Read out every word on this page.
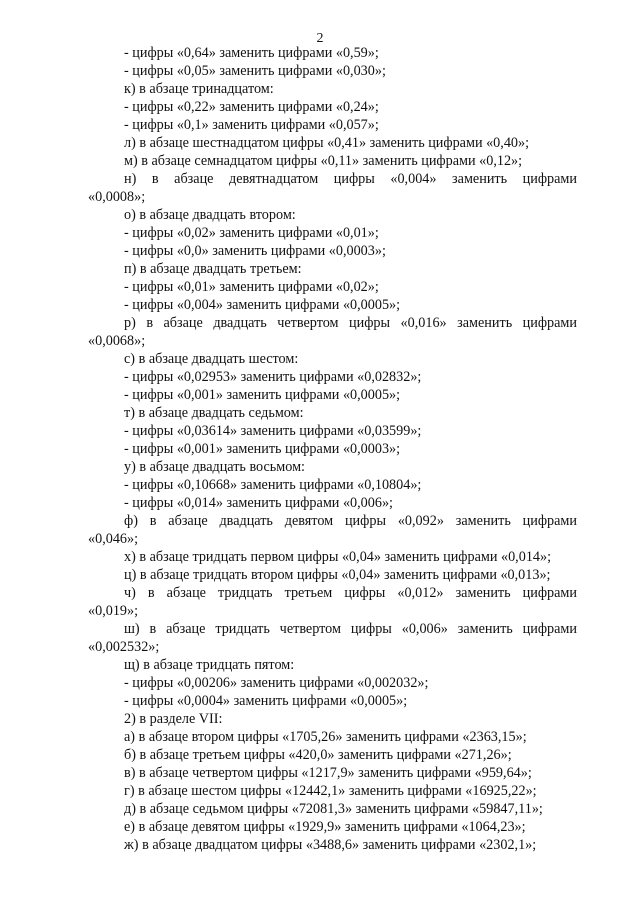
2
- цифры «0,64» заменить цифрами «0,59»;
- цифры «0,05» заменить цифрами «0,030»;
к) в абзаце тринадцатом:
- цифры «0,22» заменить цифрами «0,24»;
- цифры «0,1» заменить цифрами «0,057»;
л) в абзаце шестнадцатом цифры «0,41» заменить цифрами «0,40»;
м) в абзаце семнадцатом цифры «0,11» заменить цифрами «0,12»;
н) в абзаце девятнадцатом цифры «0,004» заменить цифрами
«0,0008»;
о) в абзаце двадцать втором:
- цифры «0,02» заменить цифрами «0,01»;
- цифры «0,0» заменить цифрами «0,0003»;
п) в абзаце двадцать третьем:
- цифры «0,01» заменить цифрами «0,02»;
- цифры «0,004» заменить цифрами «0,0005»;
р) в абзаце двадцать четвертом цифры «0,016» заменить цифрами
«0,0068»;
с) в абзаце двадцать шестом:
- цифры «0,02953» заменить цифрами «0,02832»;
- цифры «0,001» заменить цифрами «0,0005»;
т) в абзаце двадцать седьмом:
- цифры «0,03614» заменить цифрами «0,03599»;
- цифры «0,001» заменить цифрами «0,0003»;
у) в абзаце двадцать восьмом:
- цифры «0,10668» заменить цифрами «0,10804»;
- цифры «0,014» заменить цифрами «0,006»;
ф) в абзаце двадцать девятом цифры «0,092» заменить цифрами
«0,046»;
х) в абзаце тридцать первом цифры «0,04» заменить цифрами «0,014»;
ц) в абзаце тридцать втором цифры «0,04» заменить цифрами «0,013»;
ч) в абзаце тридцать третьем цифры «0,012» заменить цифрами
«0,019»;
ш) в абзаце тридцать четвертом цифры «0,006» заменить цифрами
«0,002532»;
щ) в абзаце тридцать пятом:
- цифры «0,00206» заменить цифрами «0,002032»;
- цифры «0,0004» заменить цифрами «0,0005»;
2) в разделе VII:
а) в абзаце втором цифры «1705,26» заменить цифрами «2363,15»;
б) в абзаце третьем цифры «420,0» заменить цифрами «271,26»;
в) в абзаце четвертом цифры «1217,9» заменить цифрами «959,64»;
г) в абзаце шестом цифры «12442,1» заменить цифрами «16925,22»;
д) в абзаце седьмом цифры «72081,3» заменить цифрами «59847,11»;
е) в абзаце девятом цифры «1929,9» заменить цифрами «1064,23»;
ж) в абзаце двадцатом цифры «3488,6» заменить цифрами «2302,1»;
